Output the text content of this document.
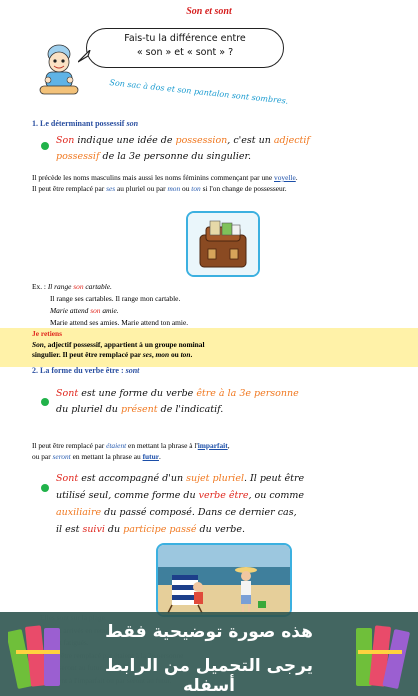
Son et sont
Fais-tu la différence entre
« son » et « sont » ?
Son sac à dos et son pantalon sont sombres.
1. Le déterminant possessif son
Son indique une idée de possession, c'est un adjectif
possessif de la 3e personne du singulier.
Il précède les noms masculins mais aussi les noms féminins commençant par une voyelle.
Il peut être remplacé par ses au pluriel ou par mon ou ton si l'on change de possesseur.
Ex. : Il range son cartable.
Il range ses cartables. Il range mon cartable.
Marie attend son amie.
Marie attend ses amies. Marie attend ton amie.
Je retiens
Son, adjectif possessif, appartient à un groupe nominal
singulier. Il peut être remplacé par ses, mon ou ton.
2. La forme du verbe être : sont
Sont est une forme du verbe être à la 3e personne
du pluriel du présent de l'indicatif.
Il peut être remplacé par étaient en mettant la phrase à l'imparfait,
ou par seront en mettant la phrase au futur.
Sont est accompagné d'un sujet pluriel. Il peut être
utilisé seul, comme forme du verbe être, ou comme
auxiliaire du passé composé. Dans ce dernier cas,
il est suivi du participe passé du verbe.
هذه صورة توضيحية فقط
يرجى التحميل من الرابط أسفله
